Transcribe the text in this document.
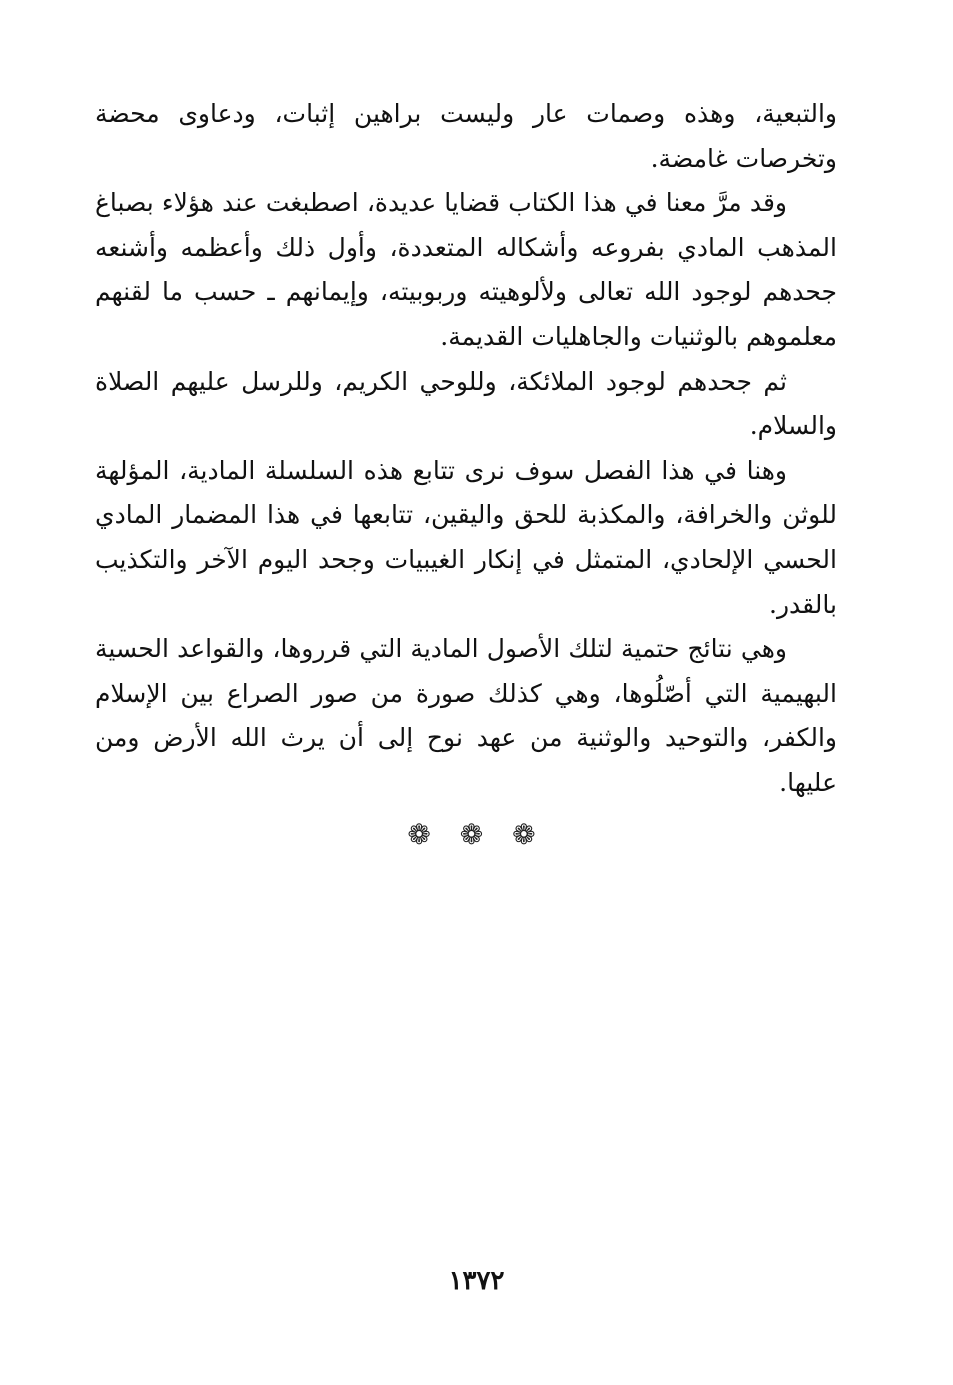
والتبعية، وهذه وصمات عار وليست براهين إثبات، ودعاوى محضة وتخرصات غامضة.

وقد مرَّ معنا في هذا الكتاب قضايا عديدة، اصطبغت عند هؤلاء بصباغ المذهب المادي بفروعه وأشكاله المتعددة، وأول ذلك وأعظمه وأشنعه جحدهم لوجود الله تعالى ولألوهيته وربوبيته، وإيمانهم ـ حسب ما لقنهم معلموهم بالوثنيات والجاهليات القديمة.

ثم جحدهم لوجود الملائكة، وللوحي الكريم، وللرسل عليهم الصلاة والسلام.

وهنا في هذا الفصل سوف نرى تتابع هذه السلسلة المادية، المؤلهة للوثن والخرافة، والمكذبة للحق واليقين، تتابعها في هذا المضمار المادي الحسي الإلحادي، المتمثل في إنكار الغيبيات وجحد اليوم الآخر والتكذيب بالقدر.

وهي نتائج حتمية لتلك الأصول المادية التي قرروها، والقواعد الحسية البهيمية التي أصّلُوها، وهي كذلك صورة من صور الصراع بين الإسلام والكفر، والتوحيد والوثنية من عهد نوح إلى أن يرث الله الأرض ومن عليها.

❁ ❁ ❁
١٣٧٢
